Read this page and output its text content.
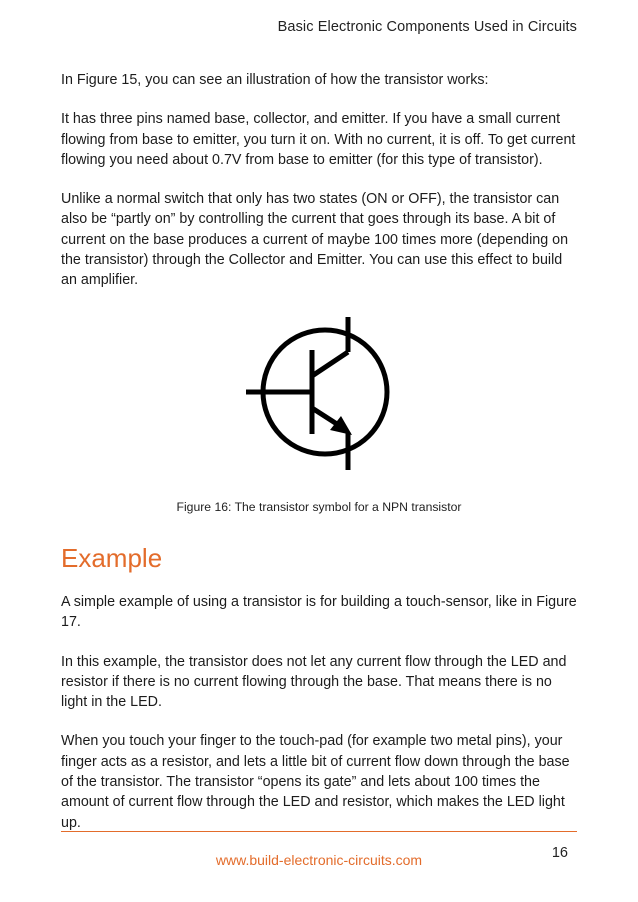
Basic Electronic Components Used in Circuits

In Figure 15, you can see an illustration of how the transistor works:

It has three pins named base, collector, and emitter. If you have a small current flowing from base to emitter, you turn it on. With no current, it is off. To get current flowing you need about 0.7V from base to emitter (for this type of transistor).

Unlike a normal switch that only has two states (ON or OFF), the transistor can also be “partly on” by controlling the current that goes through its base. A bit of current on the base produces a current of maybe 100 times more (depending on the transistor) through the Collector and Emitter. You can use this effect to build an amplifier.

Figure 16: The transistor symbol for a NPN transistor
Example

A simple example of using a transistor is for building a touch-sensor, like in Figure 17.

In this example, the transistor does not let any current flow through the LED and resistor if there is no current flowing through the base. That means there is no light in the LED.

When you touch your finger to the touch-pad (for example two metal pins), your finger acts as a resistor, and lets a little bit of current flow down through the base of the transistor. The transistor “opens its gate” and lets about 100 times the amount of current flow through the LED and resistor, which makes the LED light up.

16
www.build-electronic-circuits.com
